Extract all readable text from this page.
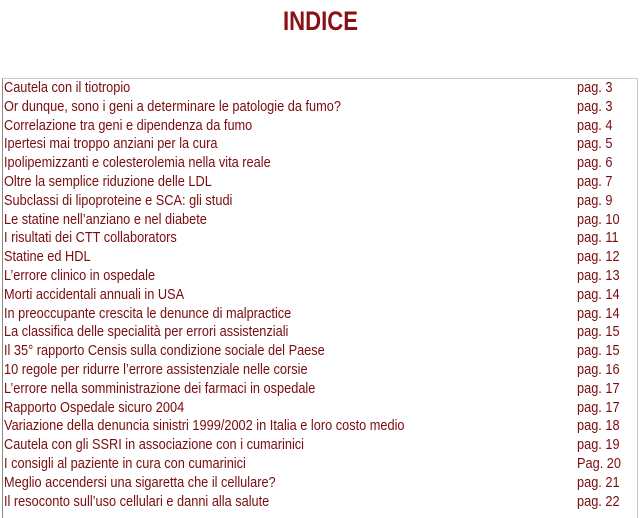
INDICE
Cautela con il tiotropio	pag. 3
Or dunque, sono i geni a determinare le patologie da fumo?	pag. 3
Correlazione tra geni e dipendenza da fumo	pag. 4
Ipertesi mai troppo anziani per la cura	pag. 5
Ipolipemizzanti e colesterolemia nella vita reale	pag. 6
Oltre la semplice riduzione delle LDL	pag. 7
Subclassi di lipoproteine e SCA: gli studi	pag. 9
Le statine nell’anziano e nel diabete	pag. 10
I risultati dei CTT collaborators	pag. 11
Statine ed HDL	pag. 12
L’errore clinico in ospedale	pag. 13
Morti accidentali annuali in USA	pag. 14
In preoccupante crescita le denunce di malpractice	pag. 14
La classifica delle specialità per errori assistenziali	pag. 15
Il 35° rapporto Censis sulla condizione sociale del Paese	pag. 15
10 regole per ridurre l’errore assistenziale nelle corsie	pag. 16
L’errore nella somministrazione dei farmaci in ospedale	pag. 17
Rapporto Ospedale sicuro 2004	pag. 17
Variazione della denuncia sinistri 1999/2002 in Italia e loro costo medio	pag. 18
Cautela con gli SSRI in associazione con i cumarinici	pag. 19
I consigli al paziente in cura con cumarinici	Pag. 20
Meglio accendersi una sigaretta che il cellulare?	pag. 21
Il resoconto sull’uso cellulari e danni alla salute	pag. 22
